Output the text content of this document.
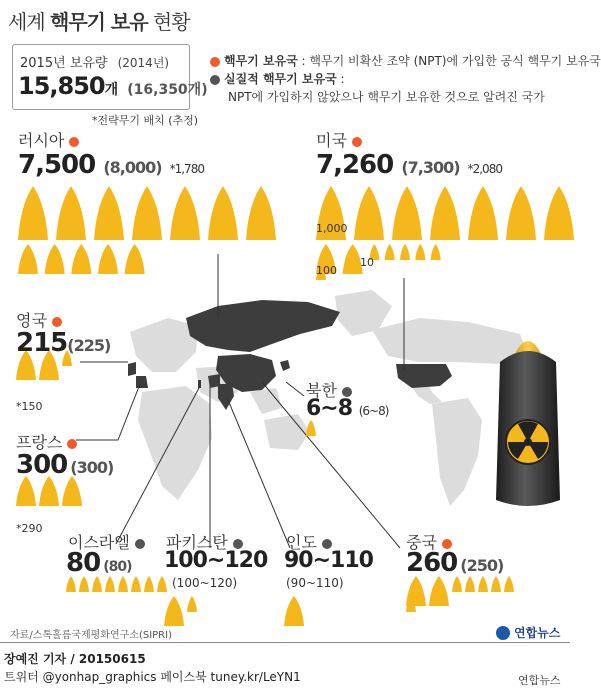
세계 핵무기 보유 현황
2015년 보유량 (2014년)
15,850개 (16,350개)
*전략무기 배치 (추정)
핵무기 보유국 : 핵무기 비확산 조약 (NPT)에 가입한 공식 핵무기 보유국
실질적 핵무기 보유국 :
NPT에 가입하지 않았으나 핵무기 보유한 것으로 알려진 국가
러시아
7,500 (8,000) *1,780
미국
7,260 (7,300) *2,080
1,000
100
10
영국
215(225)
*150
프랑스
300 (300)
*290
이스라엘
80 (80)
파키스탄
100~120
(100~120)
인도
90~110
(90~110)
북한
6~8 (6~8)
중국
260 (250)
자료/스톡홀름국제평화연구소(SIPRI)	연합뉴스
장예진 기자 / 20150615
트위터 @yonhap_graphics 페이스북 tuney.kr/LeYN1	연합뉴스
